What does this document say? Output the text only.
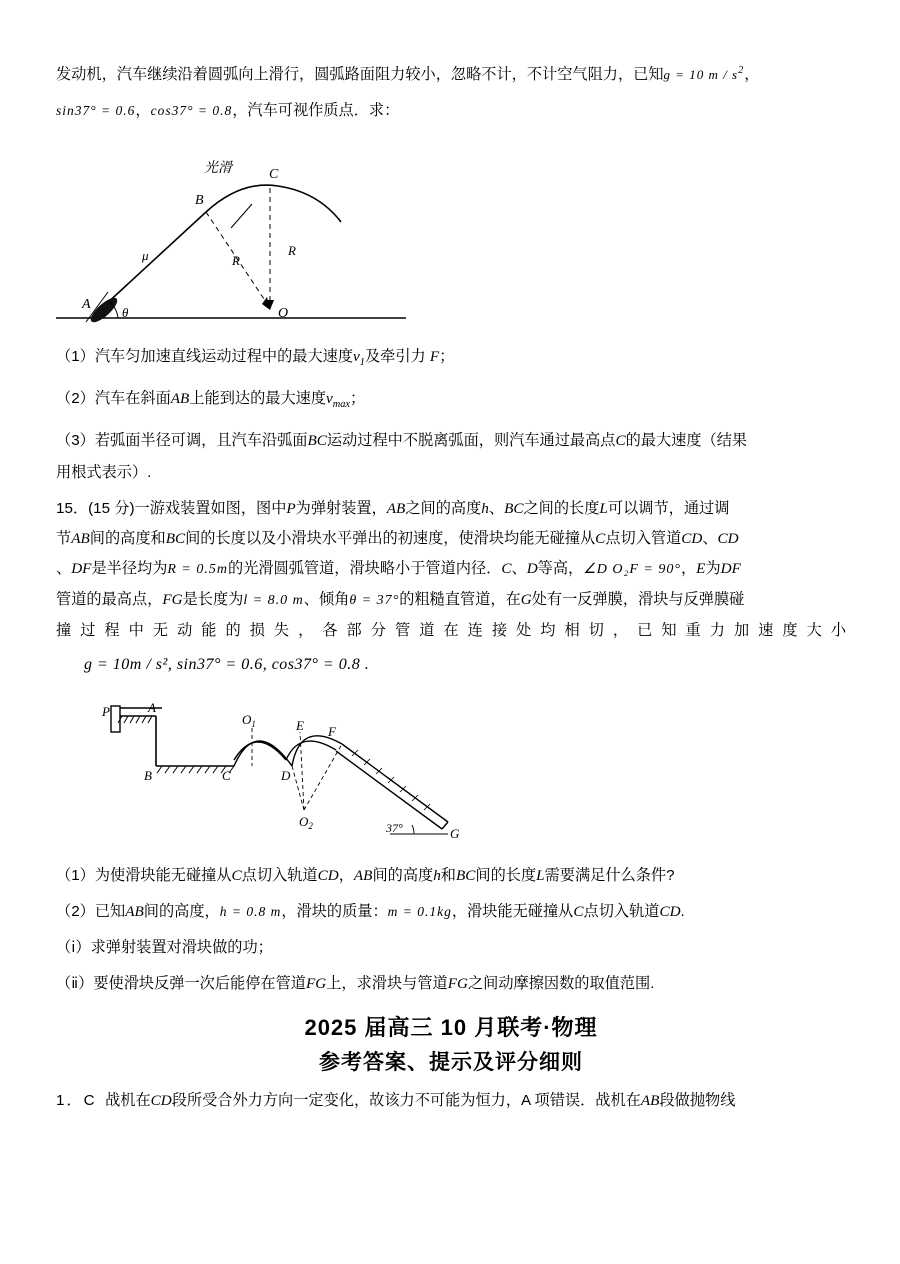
发动机，汽车继续沿着圆弧向上滑行，圆弧路面阻力较小，忽略不计，不计空气阻力，已知g = 10 m / $s^2$，

sin37° = 0.6，cos37° = 0.8，汽车可视作质点．求：

光滑
B
C
O
R
R
μ
A
θ

（1）汽车匀加速直线运动过程中的最大速度$v_1$及牵引力 F；

（2）汽车在斜面AB上能到达的最大速度$v_{max}$；

（3）若弧面半径可调，且汽车沿弧面BC运动过程中不脱离弧面，则汽车通过最高点C的最大速度（结果

用根式表示）.

15．(15 分)一游戏装置如图，图中P为弹射装置，AB之间的高度h、BC之间的长度L可以调节，通过调

节AB间的高度和BC间的长度以及小滑块水平弹出的初速度，使滑块均能无碰撞从C点切入管道CD、CD

、DF是半径均为R = 0.5m的光滑圆弧管道，滑块略小于管道内径．C、D等高，∠D O₂F = 90°，E为DF

管道的最高点，FG是长度为l = 8.0 m、倾角θ = 37°的粗糙直管道，在G处有一反弹膜，滑块与反弹膜碰

撞过程中无动能的损失，各部分管道在连接处均相切，已知重力加速度大小

g = 10m / s², sin37° = 0.6, cos37° = 0.8 .

P	A
B	C	D
E F
G
$O_1$
$O_2$	37°

（1）为使滑块能无碰撞从C点切入轨道CD，AB间的高度h和BC间的长度L需要满足什么条件?

（2）已知AB间的高度，h = 0.8 m，滑块的质量：m = 0.1kg，滑块能无碰撞从C点切入轨道CD.

（ⅰ）求弹射装置对滑块做的功；

（ⅱ）要使滑块反弹一次后能停在管道FG上，求滑块与管道FG之间动摩擦因数的取值范围.

2025 届高三 10 月联考·物理
参考答案、提示及评分细则

1．C 战机在CD段所受合外力方向一定变化，故该力不可能为恒力，A 项错误．战机在AB段做抛物线
